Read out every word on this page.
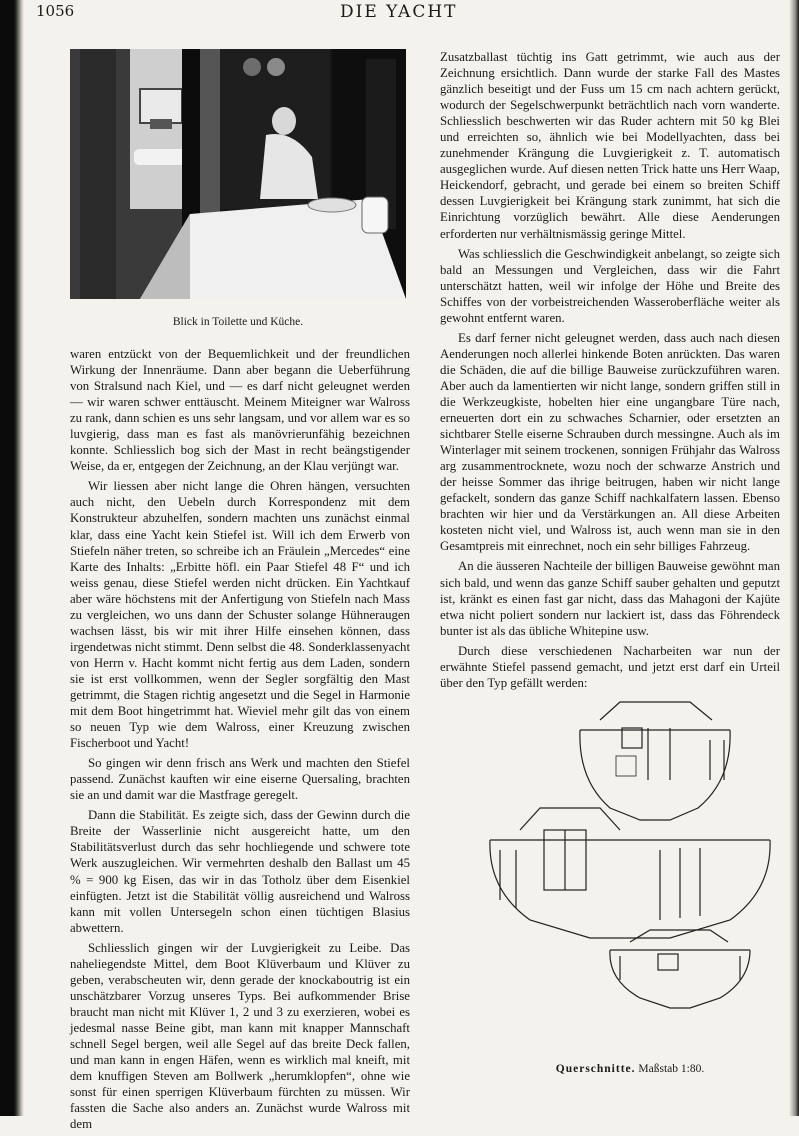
1056	DIE YACHT
Blick in Toilette und Küche.

waren entzückt von der Bequemlichkeit und der freundlichen Wirkung der Innenräume. Dann aber begann die Ueberführung von Stralsund nach Kiel, und — es darf nicht geleugnet werden — wir waren schwer enttäuscht. Meinem Miteigner war Walross zu rank, dann schien es uns sehr langsam, und vor allem war es so luvgierig, dass man es fast als manövrierunfähig bezeichnen konnte. Schliesslich bog sich der Mast in recht beängstigender Weise, da er, entgegen der Zeichnung, an der Klau verjüngt war.

Wir liessen aber nicht lange die Ohren hängen, versuchten auch nicht, den Uebeln durch Korrespondenz mit dem Konstrukteur abzuhelfen, sondern machten uns zunächst einmal klar, dass eine Yacht kein Stiefel ist. Will ich dem Erwerb von Stiefeln näher treten, so schreibe ich an Fräulein „Mercedes“ eine Karte des Inhalts: „Erbitte höfl. ein Paar Stiefel 48 F“ und ich weiss genau, diese Stiefel werden nicht drücken. Ein Yachtkauf aber wäre höchstens mit der Anfertigung von Stiefeln nach Mass zu vergleichen, wo uns dann der Schuster solange Hühneraugen wachsen lässt, bis wir mit ihrer Hilfe einsehen können, dass irgendetwas nicht stimmt. Denn selbst die 48. Sonderklassenyacht von Herrn v. Hacht kommt nicht fertig aus dem Laden, sondern sie ist erst vollkommen, wenn der Segler sorgfältig den Mast getrimmt, die Stagen richtig angesetzt und die Segel in Harmonie mit dem Boot hingetrimmt hat. Wieviel mehr gilt das von einem so neuen Typ wie dem Walross, einer Kreuzung zwischen Fischerboot und Yacht!

So gingen wir denn frisch ans Werk und machten den Stiefel passend. Zunächst kauften wir eine eiserne Quersaling, brachten sie an und damit war die Mastfrage geregelt.

Dann die Stabilität. Es zeigte sich, dass der Gewinn durch die Breite der Wasserlinie nicht ausgereicht hatte, um den Stabilitätsverlust durch das sehr hochliegende und schwere tote Werk auszugleichen. Wir vermehrten deshalb den Ballast um 45 % = 900 kg Eisen, das wir in das Totholz über dem Eisenkiel einfügten. Jetzt ist die Stabilität völlig ausreichend und Walross kann mit vollen Untersegeln schon einen tüchtigen Blasius abwettern.

Schliesslich gingen wir der Luvgierigkeit zu Leibe. Das naheliegendste Mittel, dem Boot Klüverbaum und Klüver zu geben, verabscheuten wir, denn gerade der knockaboutrig ist ein unschätzbarer Vorzug unseres Typs. Bei aufkommender Brise braucht man nicht mit Klüver 1, 2 und 3 zu exerzieren, wobei es jedesmal nasse Beine gibt, man kann mit knapper Mannschaft schnell Segel bergen, weil alle Segel auf das breite Deck fallen, und man kann in engen Häfen, wenn es wirklich mal kneift, mit dem knuffigen Steven am Bollwerk „herumklopfen“, ohne wie sonst für einen sperrigen Klüverbaum fürchten zu müssen. Wir fassten die Sache also anders an. Zunächst wurde Walross mit dem

Zusatzballast tüchtig ins Gatt getrimmt, wie auch aus der Zeichnung ersichtlich. Dann wurde der starke Fall des Mastes gänzlich beseitigt und der Fuss um 15 cm nach achtern gerückt, wodurch der Segelschwerpunkt beträchtlich nach vorn wanderte. Schliesslich beschwerten wir das Ruder achtern mit 50 kg Blei und erreichten so, ähnlich wie bei Modellyachten, dass bei zunehmender Krängung die Luvgierigkeit z. T. automatisch ausgeglichen wurde. Auf diesen netten Trick hatte uns Herr Waap, Heickendorf, gebracht, und gerade bei einem so breiten Schiff dessen Luvgierigkeit bei Krängung stark zunimmt, hat sich die Einrichtung vorzüglich bewährt. Alle diese Aenderungen erforderten nur verhältnismässig geringe Mittel.

Was schliesslich die Geschwindigkeit anbelangt, so zeigte sich bald an Messungen und Vergleichen, dass wir die Fahrt unterschätzt hatten, weil wir infolge der Höhe und Breite des Schiffes von der vorbeistreichenden Wasseroberfläche weiter als gewohnt entfernt waren.

Es darf ferner nicht geleugnet werden, dass auch nach diesen Aenderungen noch allerlei hinkende Boten anrückten. Das waren die Schäden, die auf die billige Bauweise zurückzuführen waren. Aber auch da lamentierten wir nicht lange, sondern griffen still in die Werkzeugkiste, hobelten hier eine ungangbare Türe nach, erneuerten dort ein zu schwaches Scharnier, oder ersetzten an sichtbarer Stelle eiserne Schrauben durch messingne. Auch als im Winterlager mit seinem trockenen, sonnigen Frühjahr das Walross arg zusammentrocknete, wozu noch der schwarze Anstrich und der heisse Sommer das ihrige beitrugen, haben wir nicht lange gefackelt, sondern das ganze Schiff nachkalfatern lassen. Ebenso brachten wir hier und da Verstärkungen an. All diese Arbeiten kosteten nicht viel, und Walross ist, auch wenn man sie in den Gesamtpreis mit einrechnet, noch ein sehr billiges Fahrzeug.

An die äusseren Nachteile der billigen Bauweise gewöhnt man sich bald, und wenn das ganze Schiff sauber gehalten und geputzt ist, kränkt es einen fast gar nicht, dass das Mahagoni der Kajüte etwa nicht poliert sondern nur lackiert ist, dass das Föhrendeck bunter ist als das übliche Whitepine usw.

Durch diese verschiedenen Nacharbeiten war nun der erwähnte Stiefel passend gemacht, und jetzt erst darf ein Urteil über den Typ gefällt werden:

Querschnitte. Maßstab 1:80.
